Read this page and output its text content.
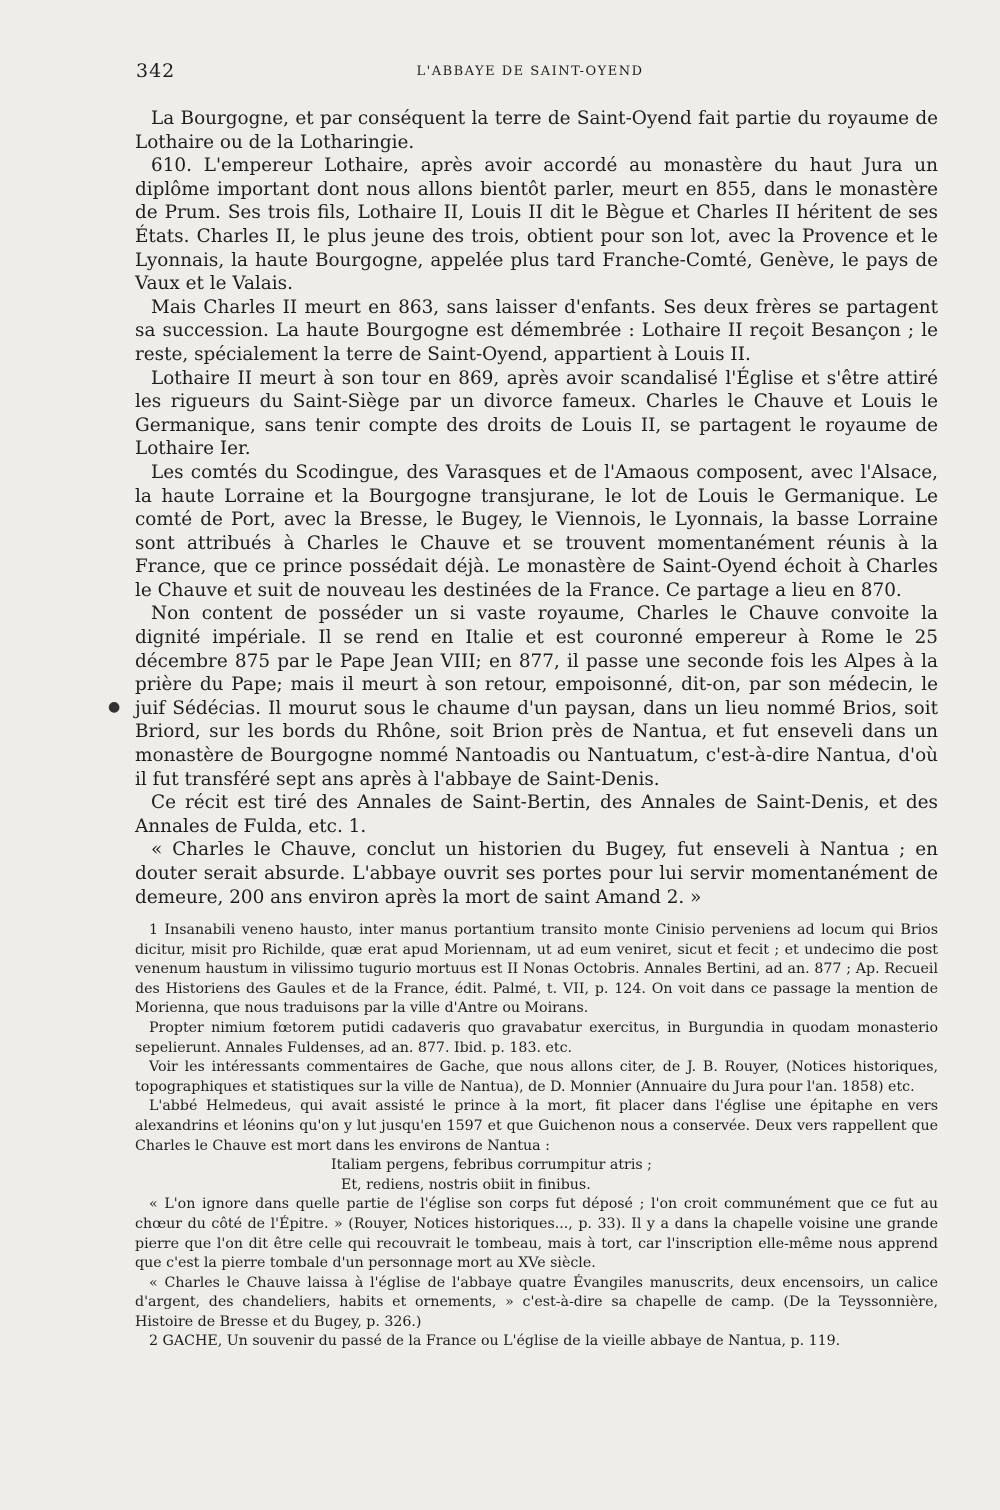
342	L'ABBAYE DE SAINT-OYEND
●

La Bourgogne, et par conséquent la terre de Saint-Oyend fait partie du royaume de Lothaire ou de la Lotharingie.

610. L'empereur Lothaire, après avoir accordé au monastère du haut Jura un diplôme important dont nous allons bientôt parler, meurt en 855, dans le monastère de Prum. Ses trois fils, Lothaire II, Louis II dit le Bègue et Charles II héritent de ses États. Charles II, le plus jeune des trois, obtient pour son lot, avec la Provence et le Lyonnais, la haute Bourgogne, appelée plus tard Franche-Comté, Genève, le pays de Vaux et le Valais.

Mais Charles II meurt en 863, sans laisser d'enfants. Ses deux frères se partagent sa succession. La haute Bourgogne est démembrée : Lothaire II reçoit Besançon ; le reste, spécialement la terre de Saint-Oyend, appartient à Louis II.

Lothaire II meurt à son tour en 869, après avoir scandalisé l'Église et s'être attiré les rigueurs du Saint-Siège par un divorce fameux. Charles le Chauve et Louis le Germanique, sans tenir compte des droits de Louis II, se partagent le royaume de Lothaire Ier.

Les comtés du Scodingue, des Varasques et de l'Amaous composent, avec l'Alsace, la haute Lorraine et la Bourgogne transjurane, le lot de Louis le Germanique. Le comté de Port, avec la Bresse, le Bugey, le Viennois, le Lyonnais, la basse Lorraine sont attribués à Charles le Chauve et se trouvent momentanément réunis à la France, que ce prince possédait déjà. Le monastère de Saint-Oyend échoit à Charles le Chauve et suit de nouveau les destinées de la France. Ce partage a lieu en 870.

Non content de posséder un si vaste royaume, Charles le Chauve convoite la dignité impériale. Il se rend en Italie et est couronné empereur à Rome le 25 décembre 875 par le Pape Jean VIII; en 877, il passe une seconde fois les Alpes à la prière du Pape; mais il meurt à son retour, empoisonné, dit-on, par son médecin, le juif Sédécias. Il mourut sous le chaume d'un paysan, dans un lieu nommé Brios, soit Briord, sur les bords du Rhône, soit Brion près de Nantua, et fut enseveli dans un monastère de Bourgogne nommé Nantoadis ou Nantuatum, c'est-à-dire Nantua, d'où il fut transféré sept ans après à l'abbaye de Saint-Denis.

Ce récit est tiré des Annales de Saint-Bertin, des Annales de Saint-Denis, et des Annales de Fulda, etc. 1.

« Charles le Chauve, conclut un historien du Bugey, fut enseveli à Nantua ; en douter serait absurde. L'abbaye ouvrit ses portes pour lui servir momentanément de demeure, 200 ans environ après la mort de saint Amand 2. »

1 Insanabili veneno hausto, inter manus portantium transito monte Cinisio perveniens ad locum qui Brios dicitur, misit pro Richilde, quæ erat apud Moriennam, ut ad eum veniret, sicut et fecit ; et undecimo die post venenum haustum in vilissimo tugurio mortuus est II Nonas Octobris. Annales Bertini, ad an. 877 ; Ap. Recueil des Historiens des Gaules et de la France, édit. Palmé, t. VII, p. 124. On voit dans ce passage la mention de Morienna, que nous traduisons par la ville d'Antre ou Moirans.

Propter nimium fœtorem putidi cadaveris quo gravabatur exercitus, in Burgundia in quodam monasterio sepelierunt. Annales Fuldenses, ad an. 877. Ibid. p. 183. etc.

Voir les intéressants commentaires de Gache, que nous allons citer, de J. B. Rouyer, (Notices historiques, topographiques et statistiques sur la ville de Nantua), de D. Monnier (Annuaire du Jura pour l'an. 1858) etc.

L'abbé Helmedeus, qui avait assisté le prince à la mort, fit placer dans l'église une épitaphe en vers alexandrins et léonins qu'on y lut jusqu'en 1597 et que Guichenon nous a conservée. Deux vers rappellent que Charles le Chauve est mort dans les environs de Nantua :

Italiam pergens, febribus corrumpitur atris ;

Et, rediens, nostris obiit in finibus.

« L'on ignore dans quelle partie de l'église son corps fut déposé ; l'on croit communément que ce fut au chœur du côté de l'Épitre. » (Rouyer, Notices historiques..., p. 33). Il y a dans la chapelle voisine une grande pierre que l'on dit être celle qui recouvrait le tombeau, mais à tort, car l'inscription elle-même nous apprend que c'est la pierre tombale d'un personnage mort au XVe siècle.

« Charles le Chauve laissa à l'église de l'abbaye quatre Évangiles manuscrits, deux encensoirs, un calice d'argent, des chandeliers, habits et ornements, » c'est-à-dire sa chapelle de camp. (De la Teyssonnière, Histoire de Bresse et du Bugey, p. 326.)

2 GACHE, Un souvenir du passé de la France ou L'église de la vieille abbaye de Nantua, p. 119.
